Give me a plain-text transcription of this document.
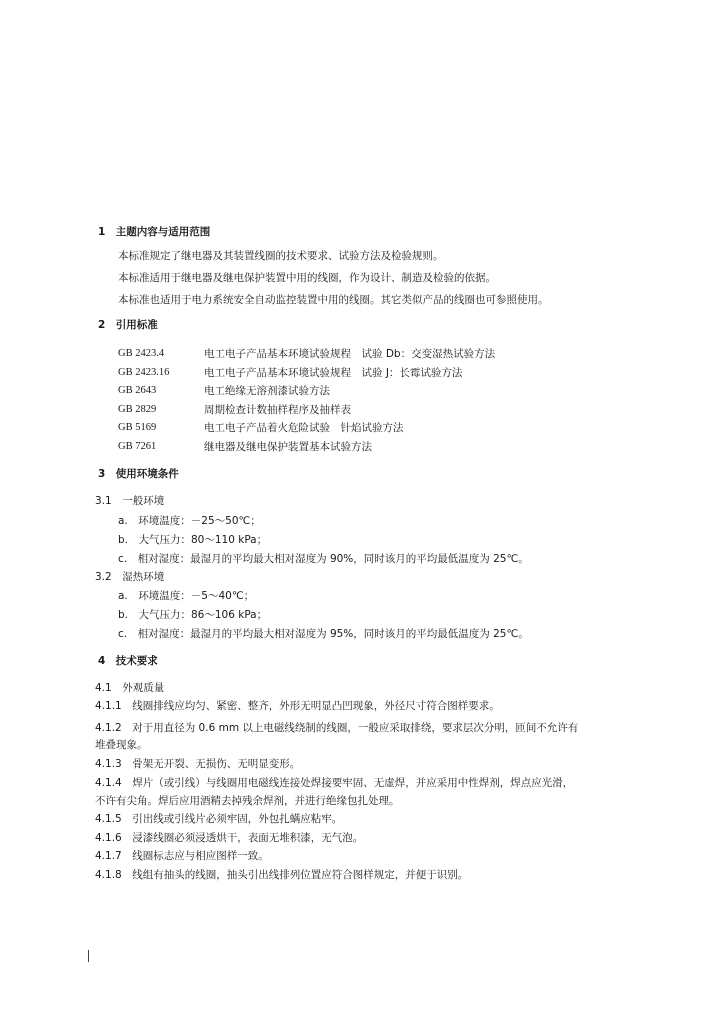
1　主题内容与适用范围
本标准规定了继电器及其装置线圈的技术要求、试验方法及检验规则。
本标准适用于继电器及继电保护装置中用的线圈，作为设计、制造及检验的依据。
本标准也适用于电力系统安全自动监控装置中用的线圈。其它类似产品的线圈也可参照使用。
2　引用标准
GB 2423.4	电工电子产品基本环境试验规程　试验 Db：交变湿热试验方法
GB 2423.16	电工电子产品基本环境试验规程　试验 J：长霉试验方法
GB 2643	电工绝缘无溶剂漆试验方法
GB 2829	周期检查计数抽样程序及抽样表
GB 5169	电工电子产品着火危险试验　针焰试验方法
GB 7261	继电器及继电保护装置基本试验方法
3　使用环境条件
3.1　一般环境
a.　环境温度：－25～50℃；
b.　大气压力：80～110 kPa；
c.　相对湿度：最湿月的平均最大相对湿度为 90%，同时该月的平均最低温度为 25℃。
3.2　湿热环境
a.　环境温度：－5～40℃；
b.　大气压力：86～106 kPa；
c.　相对湿度：最湿月的平均最大相对湿度为 95%，同时该月的平均最低温度为 25℃。
4　技术要求
4.1　外观质量
4.1.1　线圈排线应均匀、紧密、整齐，外形无明显凸凹现象，外径尺寸符合图样要求。
4.1.2　对于用直径为 0.6 mm 以上电磁线绕制的线圈，一般应采取排绕，要求层次分明，匝间不允许有
堆叠现象。
4.1.3　骨架无开裂、无损伤、无明显变形。
4.1.4　焊片（或引线）与线圈用电磁线连接处焊接要牢固、无虚焊，并应采用中性焊剂，焊点应光滑，
不许有尖角。焊后应用酒精去掉残余焊剂，并进行绝缘包扎处理。
4.1.5　引出线或引线片必须牢固，外包扎螨应粘牢。
4.1.6　浸漆线圈必须浸透烘干，表面无堆积漆，无气泡。
4.1.7　线圈标志应与相应图样一致。
4.1.8　线组有抽头的线圈，抽头引出线排列位置应符合图样规定，并便于识别。
